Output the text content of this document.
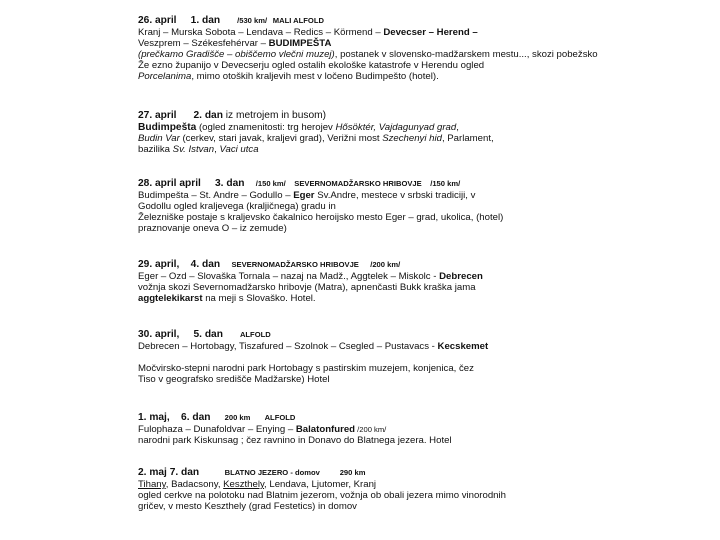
26. april 1. dan /530 km/ MALI ALFOLD
Kranj – Murska Sobota – Lendava – Redics – Körmend – Devecser – Herend –
Veszprem – Székesfehérvar – BUDIMPEŠTA
(prečkamo Gradišče – obiščemo vlečni muzej), postanek v slovensko-madžarskem mestu..., skozi pobežsko
Že ezno županijo v Devecserju ogled ostalih ekološke katastrofe v Herendu ogled
Porcelanima, mimo otoških kraljevih mest v ločeno Budimpešto (hotel).
27. april 2. dan iz metrojem in busom)
Budimpešta (ogled znamenitosti: trg herojev Hősöktér, Vajdagunyad grad,
Budin Var (cerkev, stari javak, kraljevi grad), Verižni most Szechenyi hid, Parlament,
bazilika Sv. Istvan, Vaci utca
28. april april 3. dan /150 km/ SEVERNOMADŽARSKO HRIBOVJE /150 km/
Budimpešta – St. Andre – Godullo – Eger Sv.Andre, mestece v srbski tradiciji, v
Godollu ogled kraljevega (kraljičnega) gradu in
Železniške postaje s kraljevsko čakalnico heroijsko mesto Eger – grad, ukolica, (hotel)
praznovanje oneva O – iz zemude)
29. april, 4. dan SEVERNOMADŽARSKO HRIBOVJE /200 km/
Eger – Ozd – Slovaška Tornala – nazaj na Madž., Aggtelek – Miskolc - Debrecen
vožnja skozi Severnomadžarsko hribovje (Matra), apnenčasti Bukk kraška jama
aggtelekikarst na meji s Slovaško. Hotel.
30. april, 5. dan ALFOLD
Debrecen – Hortobagy, Tiszafured – Szolnok – Csegled – Pustavacs - Kecskemet

Močvirsko-stepni narodni park Hortobagy s pastirskim muzejem, konjenica, čez
Tiso v geografsko središče Madžarske) Hotel
1. maj, 6. dan 200 km ALFOLD
Fulophaza – Dunafoldvar – Enying – Balatonfured /200 km/
narodni park Kiskunsag ; čez ravnino in Donavo do Blatnega jezera. Hotel
2. maj 7. dan	BLATNO JEZERO - domov	290 km
Tihany, Badacsony, Keszthely, Lendava, Ljutomer, Kranj
ogled cerkve na polotoku nad Blatnim jezerom, vožnja ob obali jezera mimo vinorodnih
gričev, v mesto Keszthely (grad Festetics) in domov
